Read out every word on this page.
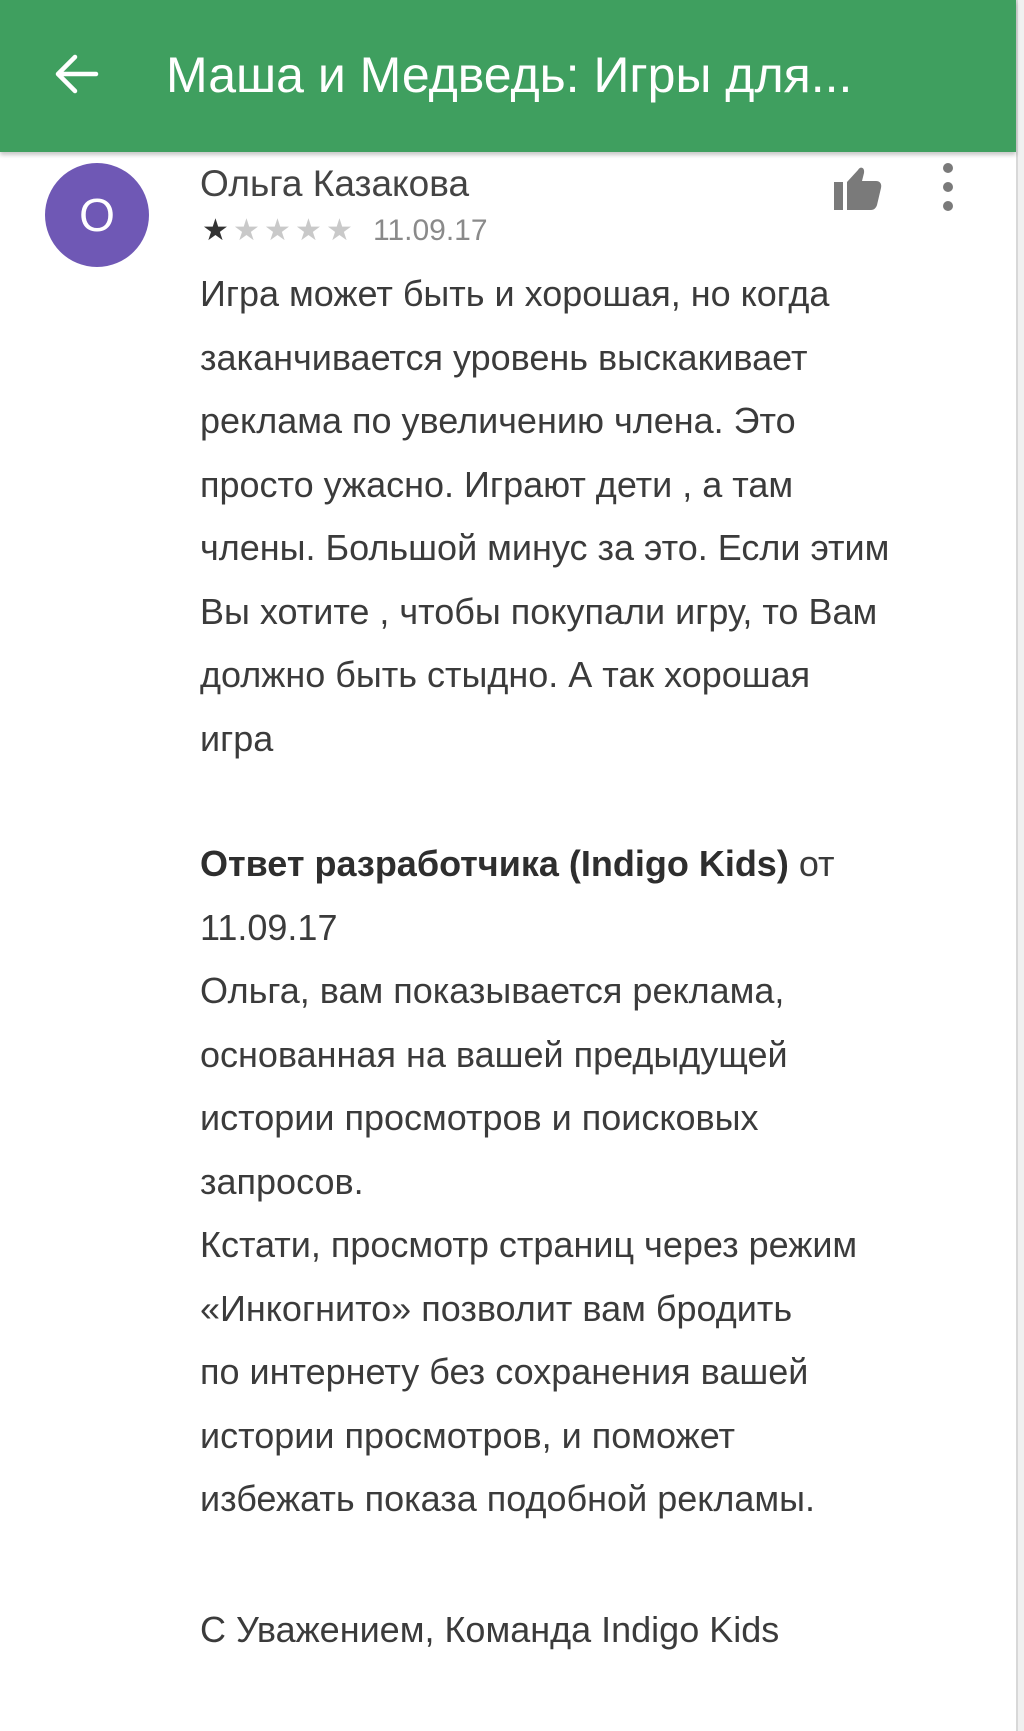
Маша и Медведь: Игры для...
О
Ольга Казакова
★ ★ ★ ★ ★ 11.09.17
Игра может быть и хорошая, но когда
заканчивается уровень выскакивает
реклама по увеличению члена. Это
просто ужасно. Играют дети , а там
члены. Большой минус за это. Если этим
Вы хотите , чтобы покупали игру, то Вам
должно быть стыдно. А так хорошая
игра
Ответ разработчика (Indigo Kids) от
11.09.17
Ольга, вам показывается реклама,
основанная на вашей предыдущей
истории просмотров и поисковых
запросов.
Кстати, просмотр страниц через режим
«Инкогнито» позволит вам бродить
по интернету без сохранения вашей
истории просмотров, и поможет
избежать показа подобной рекламы.
С Уважением, Команда Indigo Kids
